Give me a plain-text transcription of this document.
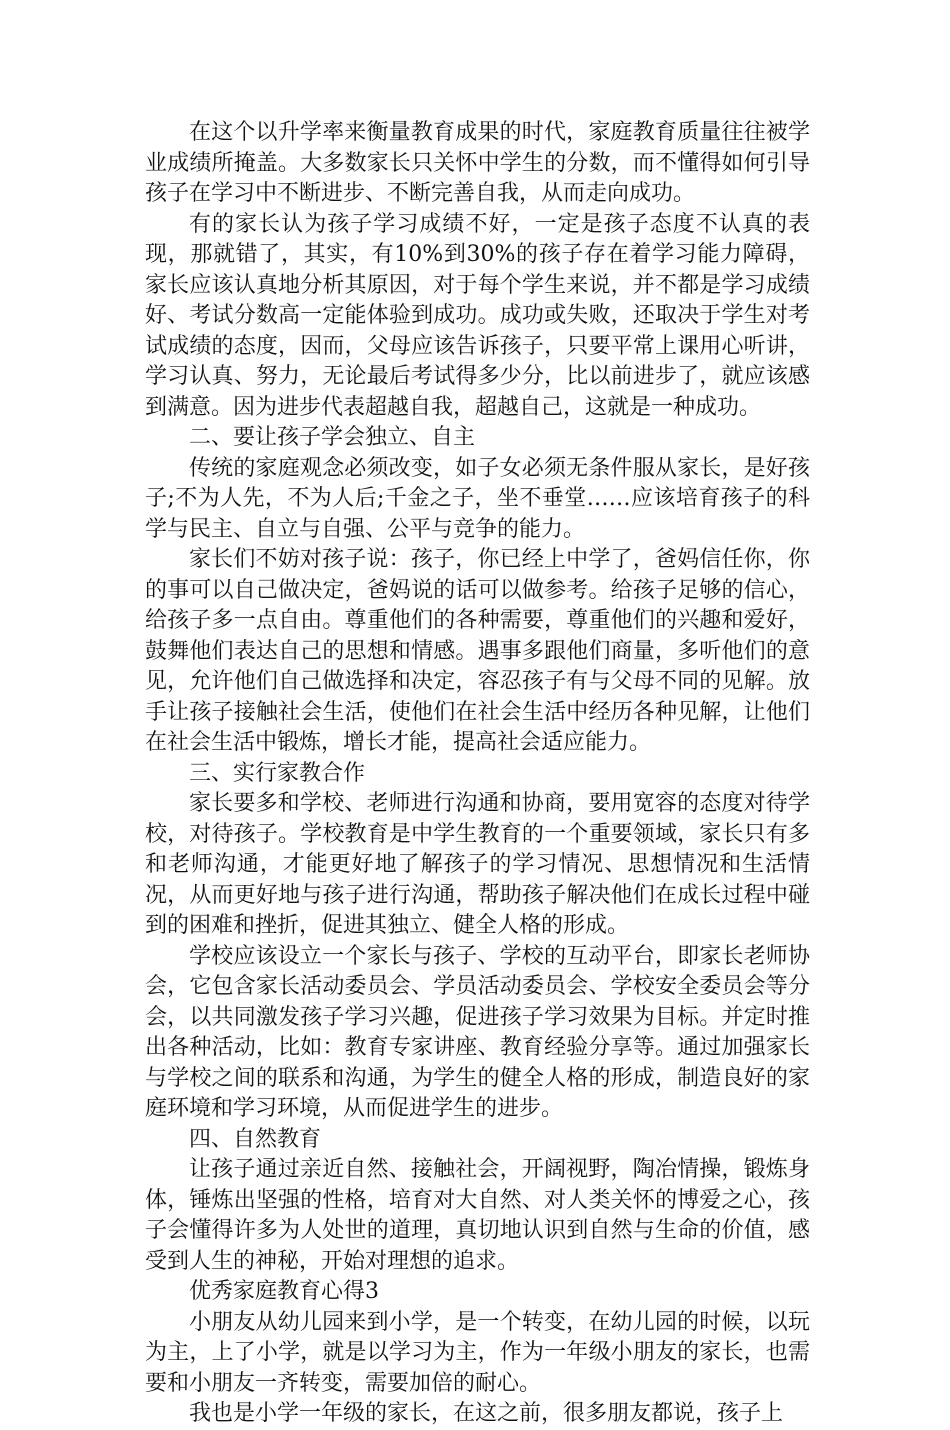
在这个以升学率来衡量教育成果的时代，家庭教育质量往往被学业成绩所掩盖。大多数家长只关怀中学生的分数，而不懂得如何引导孩子在学习中不断进步、不断完善自我，从而走向成功。

有的家长认为孩子学习成绩不好，一定是孩子态度不认真的表现，那就错了，其实，有10%到30%的孩子存在着学习能力障碍，家长应该认真地分析其原因，对于每个学生来说，并不都是学习成绩好、考试分数高一定能体验到成功。成功或失败，还取决于学生对考试成绩的态度，因而，父母应该告诉孩子，只要平常上课用心听讲，学习认真、努力，无论最后考试得多少分，比以前进步了，就应该感到满意。因为进步代表超越自我，超越自己，这就是一种成功。

二、要让孩子学会独立、自主

传统的家庭观念必须改变，如子女必须无条件服从家长，是好孩子;不为人先，不为人后;千金之子，坐不垂堂……应该培育孩子的科学与民主、自立与自强、公平与竞争的能力。

家长们不妨对孩子说：孩子，你已经上中学了，爸妈信任你，你的事可以自己做决定，爸妈说的话可以做参考。给孩子足够的信心，给孩子多一点自由。尊重他们的各种需要，尊重他们的兴趣和爱好，鼓舞他们表达自己的思想和情感。遇事多跟他们商量，多听他们的意见，允许他们自己做选择和决定，容忍孩子有与父母不同的见解。放手让孩子接触社会生活，使他们在社会生活中经历各种见解，让他们在社会生活中锻炼，增长才能，提高社会适应能力。

三、实行家教合作

家长要多和学校、老师进行沟通和协商，要用宽容的态度对待学校，对待孩子。学校教育是中学生教育的一个重要领域，家长只有多和老师沟通，才能更好地了解孩子的学习情况、思想情况和生活情况，从而更好地与孩子进行沟通，帮助孩子解决他们在成长过程中碰到的困难和挫折，促进其独立、健全人格的形成。

学校应该设立一个家长与孩子、学校的互动平台，即家长老师协会，它包含家长活动委员会、学员活动委员会、学校安全委员会等分会，以共同激发孩子学习兴趣，促进孩子学习效果为目标。并定时推出各种活动，比如：教育专家讲座、教育经验分享等。通过加强家长与学校之间的联系和沟通，为学生的健全人格的形成，制造良好的家庭环境和学习环境，从而促进学生的进步。

四、自然教育

让孩子通过亲近自然、接触社会，开阔视野，陶冶情操，锻炼身体，锤炼出坚强的性格，培育对大自然、对人类关怀的博爱之心，孩子会懂得许多为人处世的道理，真切地认识到自然与生命的价值，感受到人生的神秘，开始对理想的追求。

优秀家庭教育心得3

小朋友从幼儿园来到小学，是一个转变，在幼儿园的时候，以玩为主，上了小学，就是以学习为主，作为一年级小朋友的家长，也需要和小朋友一齐转变，需要加倍的耐心。

我也是小学一年级的家长，在这之前，很多朋友都说，孩子上
